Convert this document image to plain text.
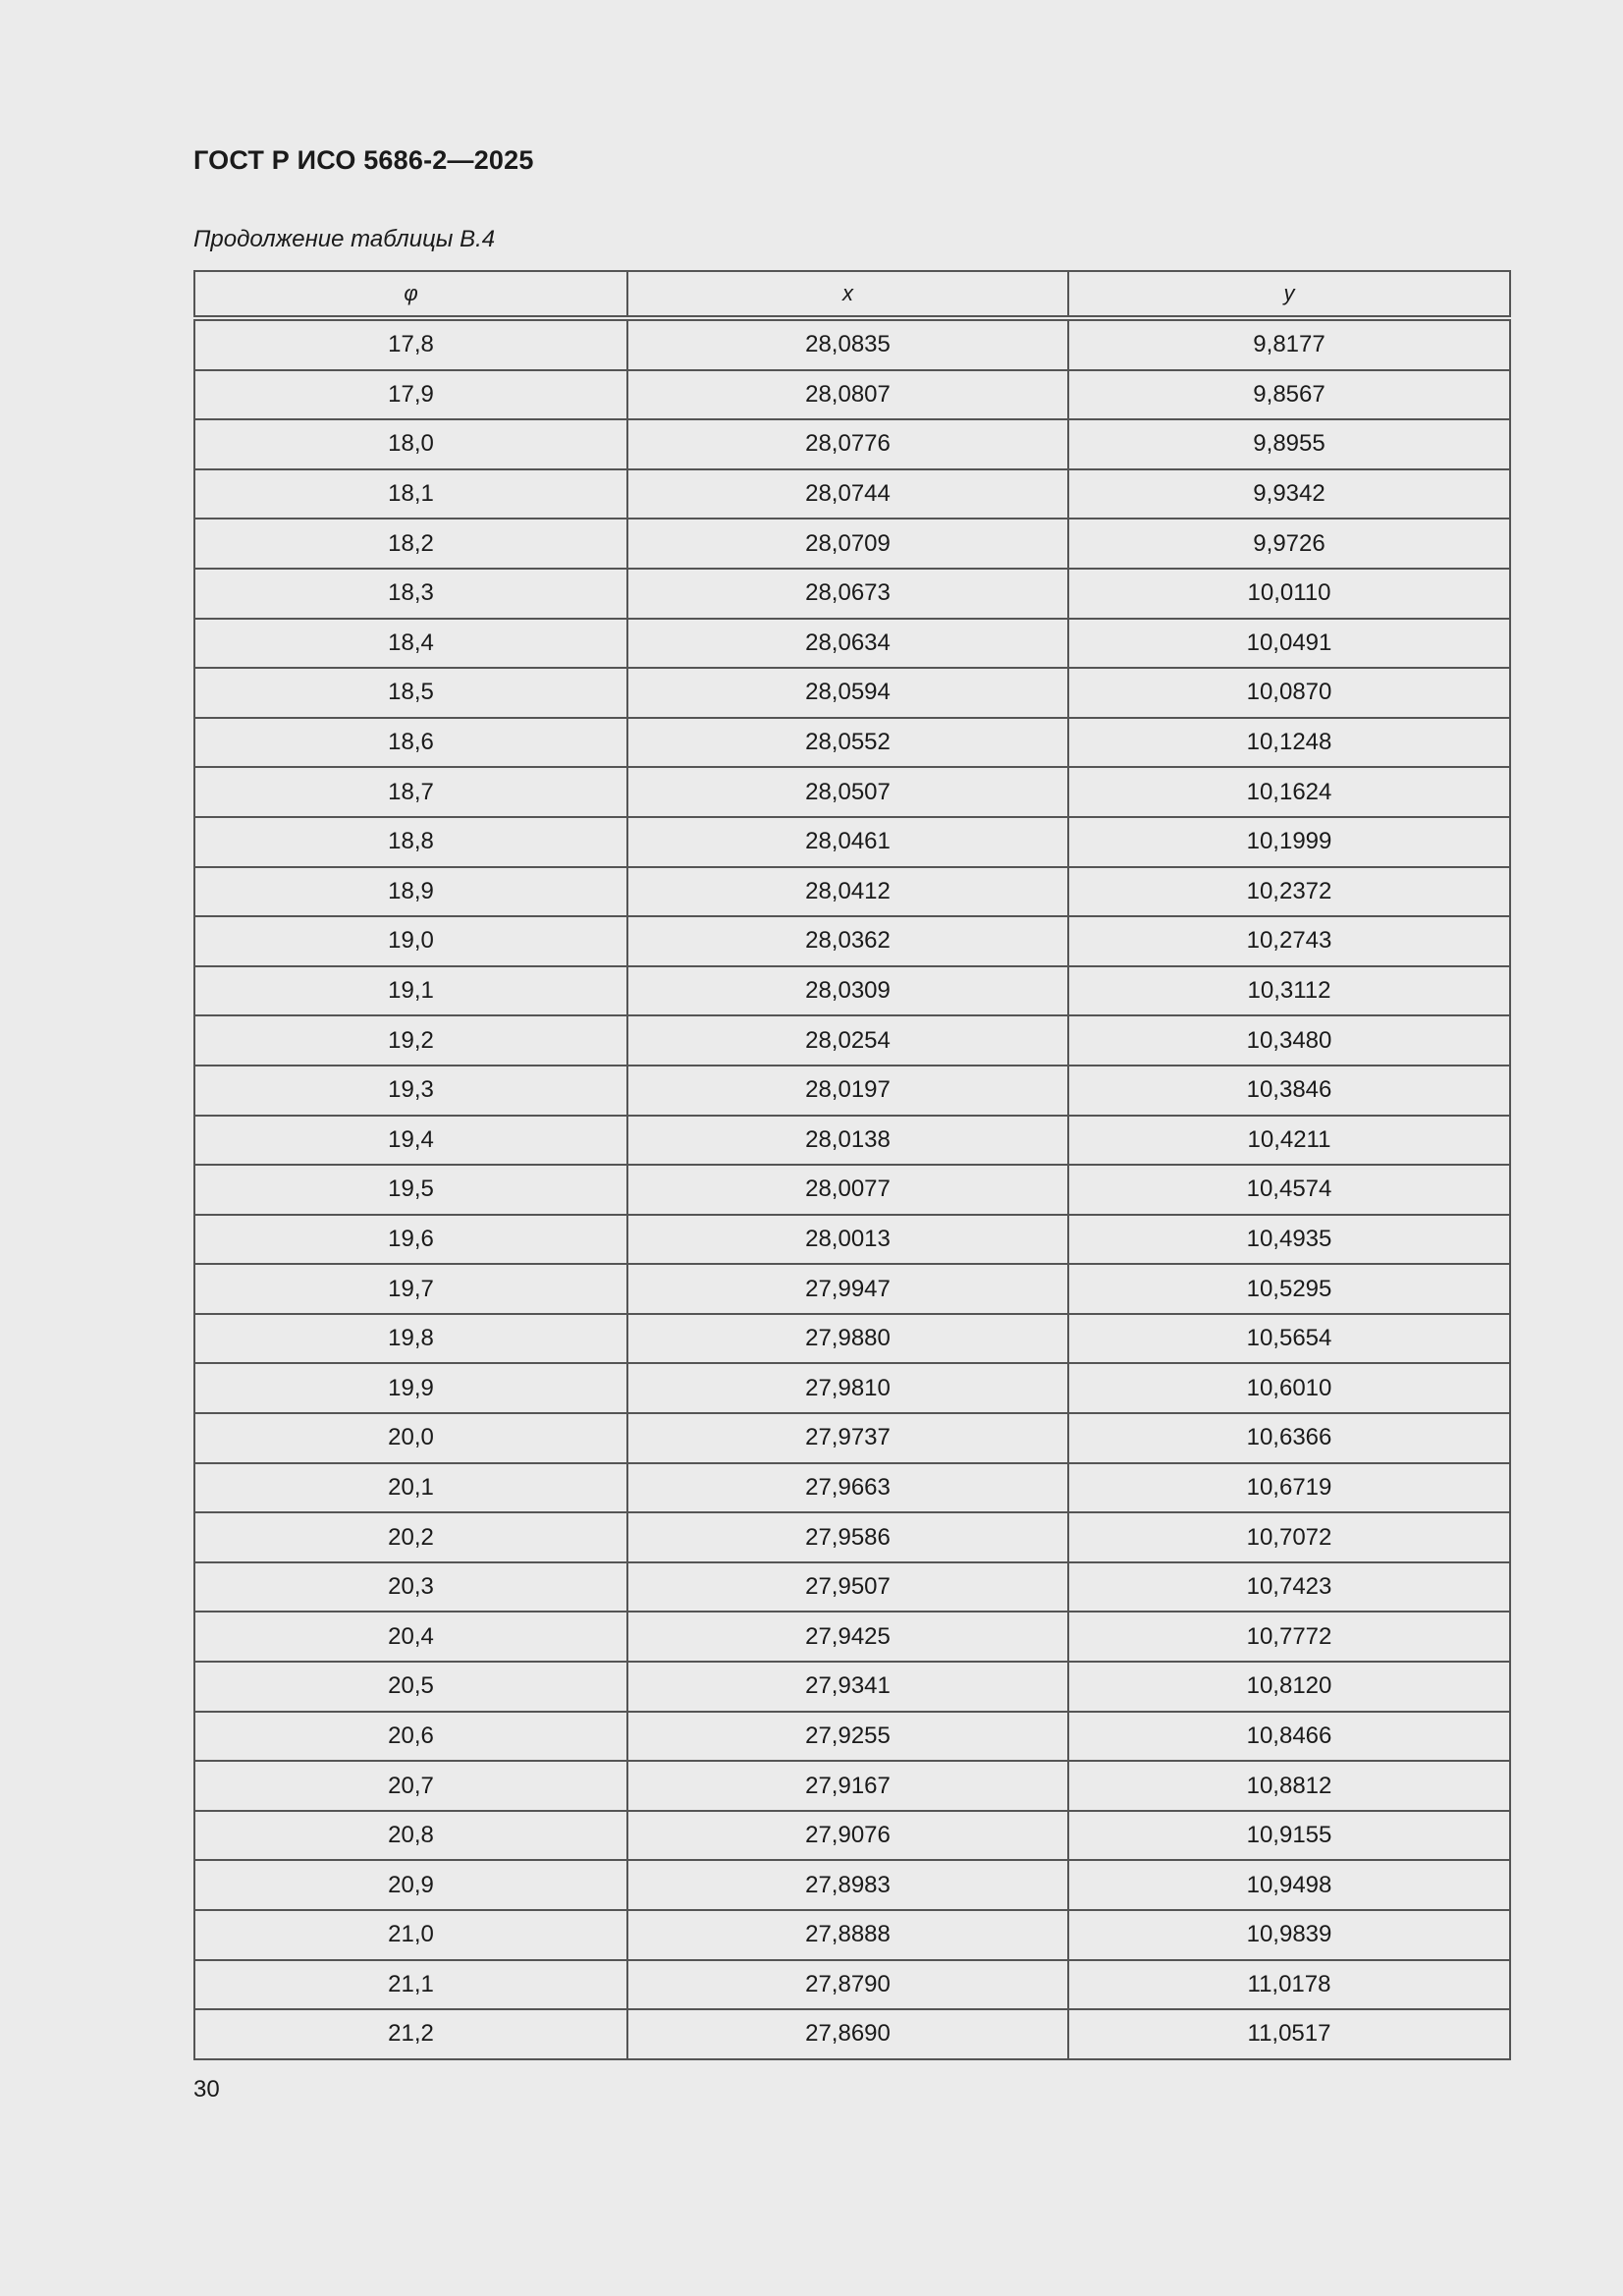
ГОСТ Р ИСО 5686-2—2025
Продолжение таблицы В.4
φ	x	y
17,8	28,0835	9,8177
17,9	28,0807	9,8567
18,0	28,0776	9,8955
18,1	28,0744	9,9342
18,2	28,0709	9,9726
18,3	28,0673	10,0110
18,4	28,0634	10,0491
18,5	28,0594	10,0870
18,6	28,0552	10,1248
18,7	28,0507	10,1624
18,8	28,0461	10,1999
18,9	28,0412	10,2372
19,0	28,0362	10,2743
19,1	28,0309	10,3112
19,2	28,0254	10,3480
19,3	28,0197	10,3846
19,4	28,0138	10,4211
19,5	28,0077	10,4574
19,6	28,0013	10,4935
19,7	27,9947	10,5295
19,8	27,9880	10,5654
19,9	27,9810	10,6010
20,0	27,9737	10,6366
20,1	27,9663	10,6719
20,2	27,9586	10,7072
20,3	27,9507	10,7423
20,4	27,9425	10,7772
20,5	27,9341	10,8120
20,6	27,9255	10,8466
20,7	27,9167	10,8812
20,8	27,9076	10,9155
20,9	27,8983	10,9498
21,0	27,8888	10,9839
21,1	27,8790	11,0178
21,2	27,8690	11,0517
30
